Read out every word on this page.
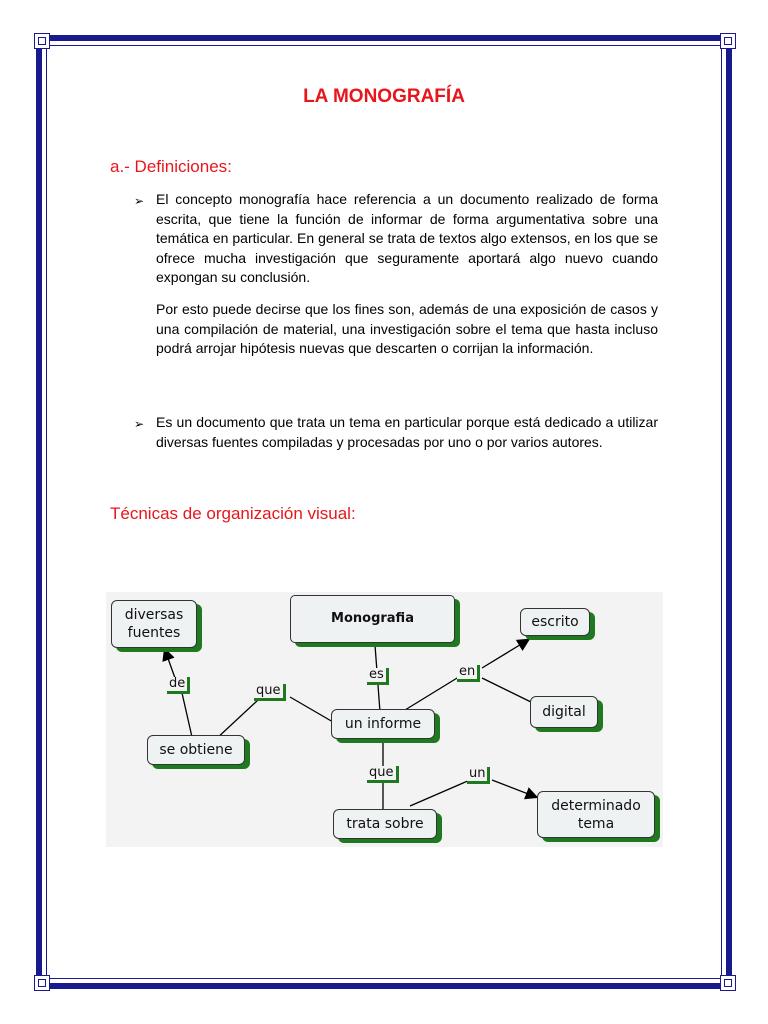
LA MONOGRAFÍA
a.- Definiciones:
➢ El concepto monografía hace referencia a un documento realizado de forma escrita, que tiene la función de informar de forma argumentativa sobre una temática en particular. En general se trata de textos algo extensos, en los que se ofrece mucha investigación que seguramente aportará algo nuevo cuando expongan su conclusión.
Por esto puede decirse que los fines son, además de una exposición de casos y una compilación de material, una investigación sobre el tema que hasta incluso podrá arrojar hipótesis nuevas que descarten o corrijan la información.
➢ Es un documento que trata un tema en particular porque está dedicado a utilizar diversas fuentes compiladas y procesadas por uno o por varios autores.
Técnicas de organización visual:
Monografia
diversas
fuentes
escrito
digital
un informe
se obtiene
trata sobre
determinado
tema
de	que
es	en
que	un
